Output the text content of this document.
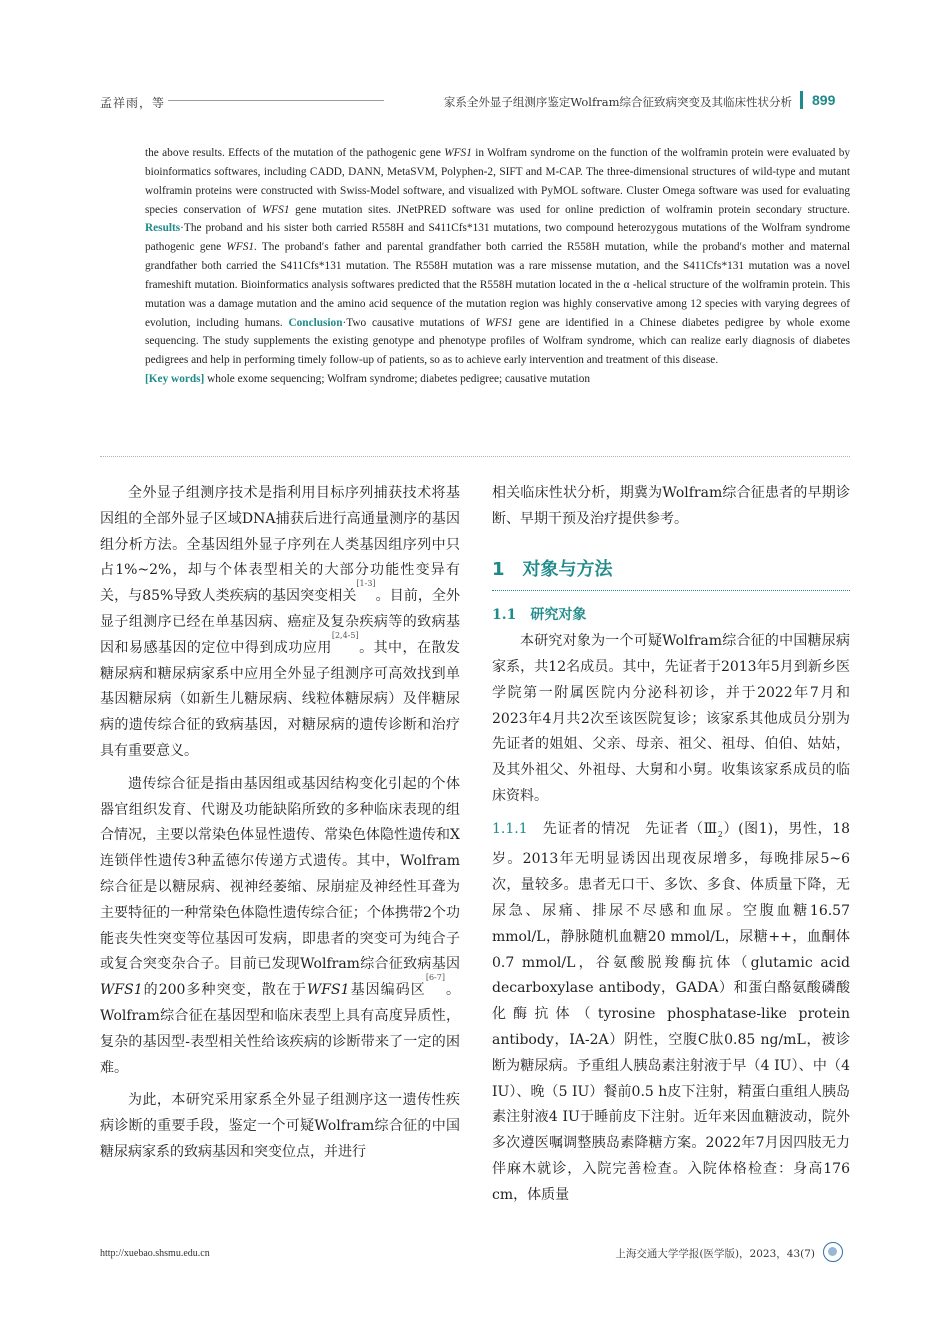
孟祥雨，等	家系全外显子组测序鉴定Wolfram综合征致病突变及其临床性状分析 899

the above results. Effects of the mutation of the pathogenic gene WFS1 in Wolfram syndrome on the function of the wolframin protein were evaluated by bioinformatics softwares, including CADD, DANN, MetaSVM, Polyphen-2, SIFT and M-CAP. The three-dimensional structures of wild-type and mutant wolframin proteins were constructed with Swiss-Model software, and visualized with PyMOL software. Cluster Omega software was used for evaluating species conservation of WFS1 gene mutation sites. JNetPRED software was used for online prediction of wolframin protein secondary structure. Results·The proband and his sister both carried R558H and S411Cfs*131 mutations, two compound heterozygous mutations of the Wolfram syndrome pathogenic gene WFS1. The proband′s father and parental grandfather both carried the R558H mutation, while the proband′s mother and maternal grandfather both carried the S411Cfs*131 mutation. The R558H mutation was a rare missense mutation, and the S411Cfs*131 mutation was a novel frameshift mutation. Bioinformatics analysis softwares predicted that the R558H mutation located in the α -helical structure of the wolframin protein. This mutation was a damage mutation and the amino acid sequence of the mutation region was highly conservative among 12 species with varying degrees of evolution, including humans. Conclusion·Two causative mutations of WFS1 gene are identified in a Chinese diabetes pedigree by whole exome sequencing. The study supplements the existing genotype and phenotype profiles of Wolfram syndrome, which can realize early diagnosis of diabetes pedigrees and help in performing timely follow-up of patients, so as to achieve early intervention and treatment of this disease.

[Key words] whole exome sequencing; Wolfram syndrome; diabetes pedigree; causative mutation

全外显子组测序技术是指利用目标序列捕获技术将基因组的全部外显子区域DNA捕获后进行高通量测序的基因组分析方法。全基因组外显子序列在人类基因组序列中只占1%~2%，却与个体表型相关的大部分功能性变异有关，与85%导致人类疾病的基因突变相关[1-3]。目前，全外显子组测序已经在单基因病、癌症及复杂疾病等的致病基因和易感基因的定位中得到成功应用[2,4-5]。其中，在散发糖尿病和糖尿病家系中应用全外显子组测序可高效找到单基因糖尿病（如新生儿糖尿病、线粒体糖尿病）及伴糖尿病的遗传综合征的致病基因，对糖尿病的遗传诊断和治疗具有重要意义。

遗传综合征是指由基因组或基因结构变化引起的个体器官组织发育、代谢及功能缺陷所致的多种临床表现的组合情况，主要以常染色体显性遗传、常染色体隐性遗传和X连锁伴性遗传3种孟德尔传递方式遗传。其中，Wolfram综合征是以糖尿病、视神经萎缩、尿崩症及神经性耳聋为主要特征的一种常染色体隐性遗传综合征；个体携带2个功能丧失性突变等位基因可发病，即患者的突变可为纯合子或复合突变杂合子。目前已发现Wolfram综合征致病基因WFS1的200多种突变，散在于WFS1基因编码区[6-7]。Wolfram综合征在基因型和临床表型上具有高度异质性，复杂的基因型-表型相关性给该疾病的诊断带来了一定的困难。

为此，本研究采用家系全外显子组测序这一遗传性疾病诊断的重要手段，鉴定一个可疑Wolfram综合征的中国糖尿病家系的致病基因和突变位点，并进行

相关临床性状分析，期冀为Wolfram综合征患者的早期诊断、早期干预及治疗提供参考。

1　对象与方法

1.1　研究对象

本研究对象为一个可疑Wolfram综合征的中国糖尿病家系，共12名成员。其中，先证者于2013年5月到新乡医学院第一附属医院内分泌科初诊，并于2022年7月和2023年4月共2次至该医院复诊；该家系其他成员分别为先证者的姐姐、父亲、母亲、祖父、祖母、伯伯、姑姑，及其外祖父、外祖母、大舅和小舅。收集该家系成员的临床资料。

1.1.1　 先证者的情况　 先证者$(Ⅲ_2)$(图1)，男性，18岁。2013年无明显诱因出现夜尿增多，每晚排尿5~6次，量较多。患者无口干、多饮、多食、体质量下降，无尿急、尿痛、排尿不尽感和血尿。空腹血糖16.57 mmol/L，静脉随机血糖20 mmol/L，尿糖++，血酮体0.7 mmol/L，谷氨酸脱羧酶抗体（glutamic acid decarboxylase antibody，GADA）和蛋白酪氨酸磷酸化酶抗体（tyrosine phosphatase-like protein antibody，IA-2A）阴性，空腹C肽0.85 ng/mL，被诊断为糖尿病。予重组人胰岛素注射液于早（4 IU）、中（4 IU）、晚（5 IU）餐前0.5 h皮下注射，精蛋白重组人胰岛素注射液4 IU于睡前皮下注射。近年来因血糖波动，院外多次遵医嘱调整胰岛素降糖方案。2022年7月因四肢无力伴麻木就诊，入院完善检查。入院体格检查：身高176 cm，体质量

http://xuebao.shsmu.edu.cn	上海交通大学学报(医学版)，2023，43(7)
